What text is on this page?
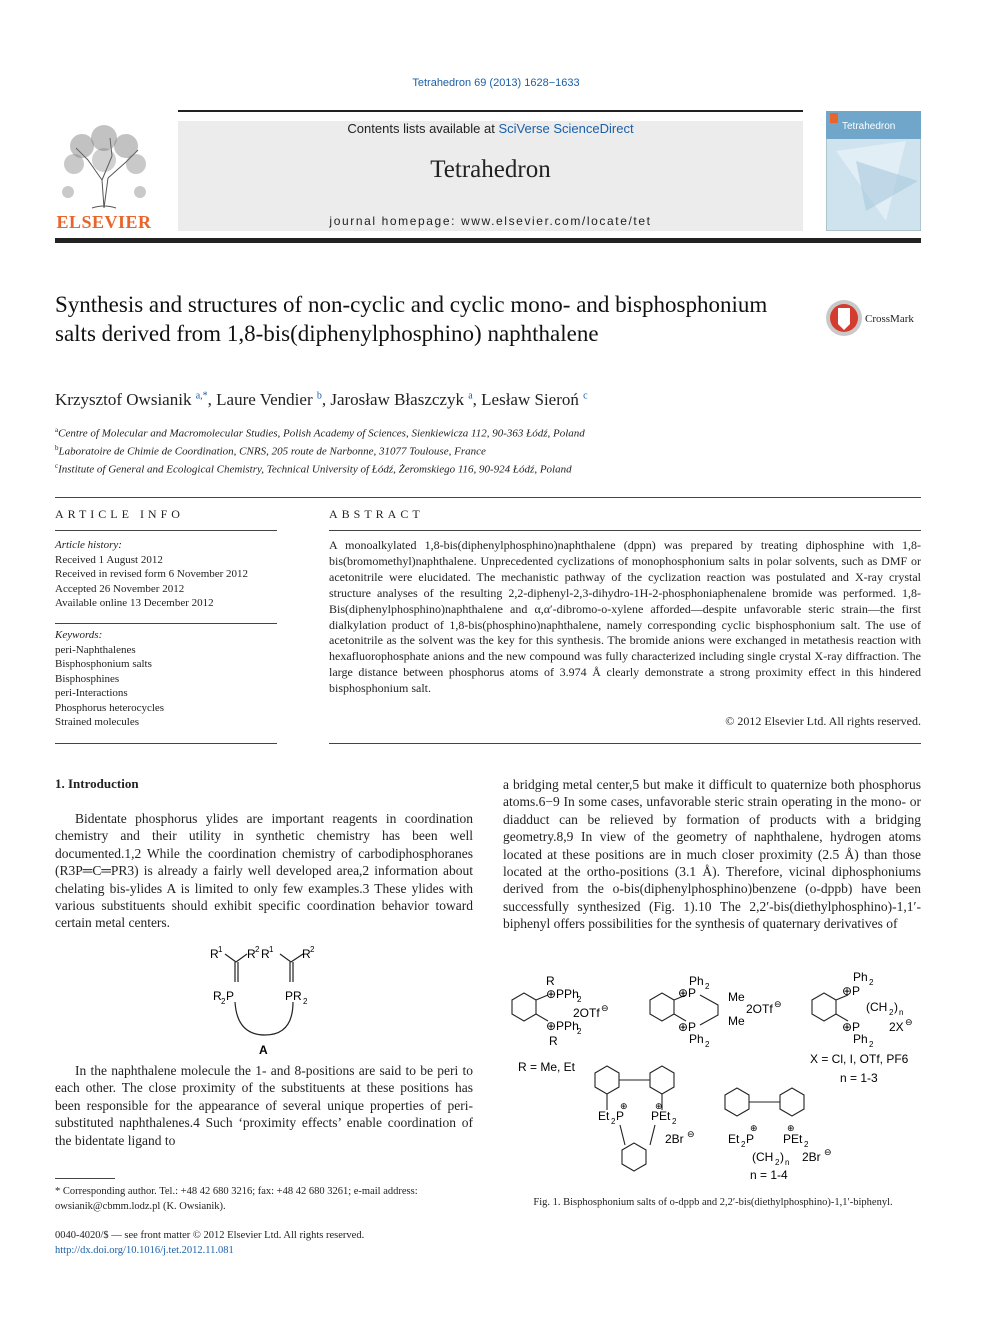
Tetrahedron 69 (2013) 1628−1633
ELSEVIER
Contents lists available at SciVerse ScienceDirect
Tetrahedron
journal homepage: www.elsevier.com/locate/tet
Tetrahedron
Synthesis and structures of non-cyclic and cyclic mono- and bisphosphonium salts derived from 1,8-bis(diphenylphosphino) naphthalene
CrossMark
Krzysztof Owsianik $^{a,*}$, Laure Vendier $^b$, Jarosław Błaszczyk $^a$, Lesław Sieroń $^c$
$^a$Centre of Molecular and Macromolecular Studies, Polish Academy of Sciences, Sienkiewicza 112, 90-363 Łódź, Poland
$^b$Laboratoire de Chimie de Coordination, CNRS, 205 route de Narbonne, 31077 Toulouse, France
$^c$Institute of General and Ecological Chemistry, Technical University of Łódź, Żeromskiego 116, 90-924 Łódź, Poland
ARTICLE INFO	ABSTRACT
Article history:
Received 1 August 2012
Received in revised form 6 November 2012
Accepted 26 November 2012
Available online 13 December 2012
Keywords:
peri-Naphthalenes
Bisphosphonium salts
Bisphosphines
peri-Interactions
Phosphorus heterocycles
Strained molecules
A monoalkylated 1,8-bis(diphenylphosphino)naphthalene (dppn) was prepared by treating diphosphine with 1,8-bis(bromomethyl)naphthalene. Unprecedented cyclizations of monophosphonium salts in polar solvents, such as DMF or acetonitrile were elucidated. The mechanistic pathway of the cyclization reaction was postulated and X-ray crystal structure analyses of the resulting 2,2-diphenyl-2,3-dihydro-1H-2-phosphoniaphenalene bromide was performed. 1,8-Bis(diphenylphosphino)naphthalene and α,α′-dibromo-o-xylene afforded—despite unfavorable steric strain—the first dialkylation product of 1,8-bis(phosphino)naphthalene, namely corresponding cyclic bisphosphonium salt. The use of acetonitrile as the solvent was the key for this synthesis. The bromide anions were exchanged in metathesis reaction with hexafluorophosphate anions and the new compound was fully characterized including single crystal X-ray diffraction. The large distance between phosphorus atoms of 3.974 Å clearly demonstrate a strong proximity effect in this hindered bisphosphonium salt.
© 2012 Elsevier Ltd. All rights reserved.
1. Introduction
Bidentate phosphorus ylides are important reagents in coordination chemistry and their utility in synthetic chemistry has been well documented.1,2 While the coordination chemistry of carbodiphosphoranes (R3P═C═PR3) is already a fairly well developed area,2 information about chelating bis-ylides A is limited to only few examples.3 These ylides with various substituents should exhibit specific coordination behavior toward certain metal centers.
R 1 R 2 R 1 R 2
R 2 P	PR 2
A
In the naphthalene molecule the 1- and 8-positions are said to be peri to each other. The close proximity of the substituents at these positions has been responsible for the appearance of several unique properties of peri-substituted naphthalenes.4 Such ‘proximity effects’ enable coordination of the bidentate ligand to
a bridging metal center,5 but make it difficult to quaternize both phosphorus atoms.6−9 In some cases, unfavorable steric strain operating in the mono- or diadduct can be relieved by formation of products with a bridging geometry.8,9 In view of the geometry of naphthalene, hydrogen atoms located at these positions are in much closer proximity (2.5 Å) than those located at the ortho-positions (3.1 Å). Therefore, vicinal diphosphoniums derived from the o-bis(diphenylphosphino)benzene (o-dppb) have been successfully synthesized (Fig. 1).10 The 2,2′-bis(diethylphosphino)-1,1′-biphenyl offers possibilities for the synthesis of quaternary derivatives of
R
⊕PPh
2
2OTf ⊖
⊕PPh
2
R
Ph 2
⊕P	Me
2OTf ⊖
Me
⊕P
Ph 2
Ph 2
⊕P
(CH 2 ) n
2X ⊖
⊕P
Ph 2
Et 2 P
⊕
PEt 2
⊕
2Br ⊖	Et 2 P
⊕
PEt 2
⊕
(CH 2 ) n 2Br ⊖
R = Me, Et
X = Cl, I, OTf, PF6
n = 1-3
n = 1-4
Fig. 1. Bisphosphonium salts of o-dppb and 2,2′-bis(diethylphosphino)-1,1′-biphenyl.
* Corresponding author. Tel.: +48 42 680 3216; fax: +48 42 680 3261; e-mail address: owsianik@cbmm.lodz.pl (K. Owsianik).
0040-4020/$ — see front matter © 2012 Elsevier Ltd. All rights reserved.
http://dx.doi.org/10.1016/j.tet.2012.11.081
